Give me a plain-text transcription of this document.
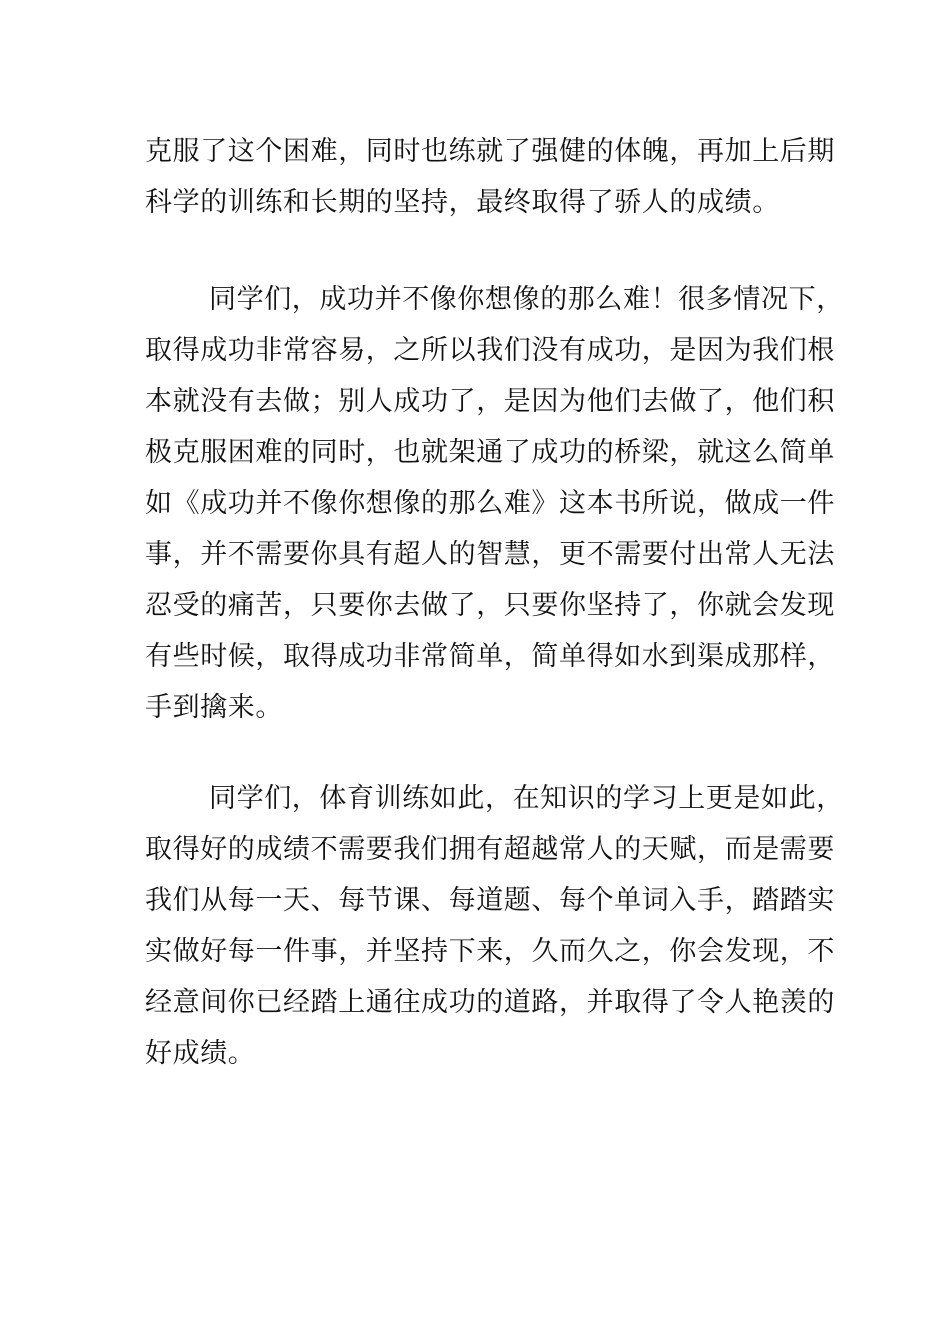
克服了这个困难，同时也练就了强健的体魄，再加上后期
科学的训练和长期的坚持，最终取得了骄人的成绩。

同学们，成功并不像你想像的那么难！很多情况下，
取得成功非常容易，之所以我们没有成功，是因为我们根
本就没有去做；别人成功了，是因为他们去做了，他们积
极克服困难的同时，也就架通了成功的桥梁，就这么简单
如《成功并不像你想像的那么难》这本书所说，做成一件
事，并不需要你具有超人的智慧，更不需要付出常人无法
忍受的痛苦，只要你去做了，只要你坚持了，你就会发现
有些时候，取得成功非常简单，简单得如水到渠成那样，
手到擒来。

同学们，体育训练如此，在知识的学习上更是如此，
取得好的成绩不需要我们拥有超越常人的天赋，而是需要
我们从每一天、每节课、每道题、每个单词入手，踏踏实
实做好每一件事，并坚持下来，久而久之，你会发现，不
经意间你已经踏上通往成功的道路，并取得了令人艳羡的
好成绩。
